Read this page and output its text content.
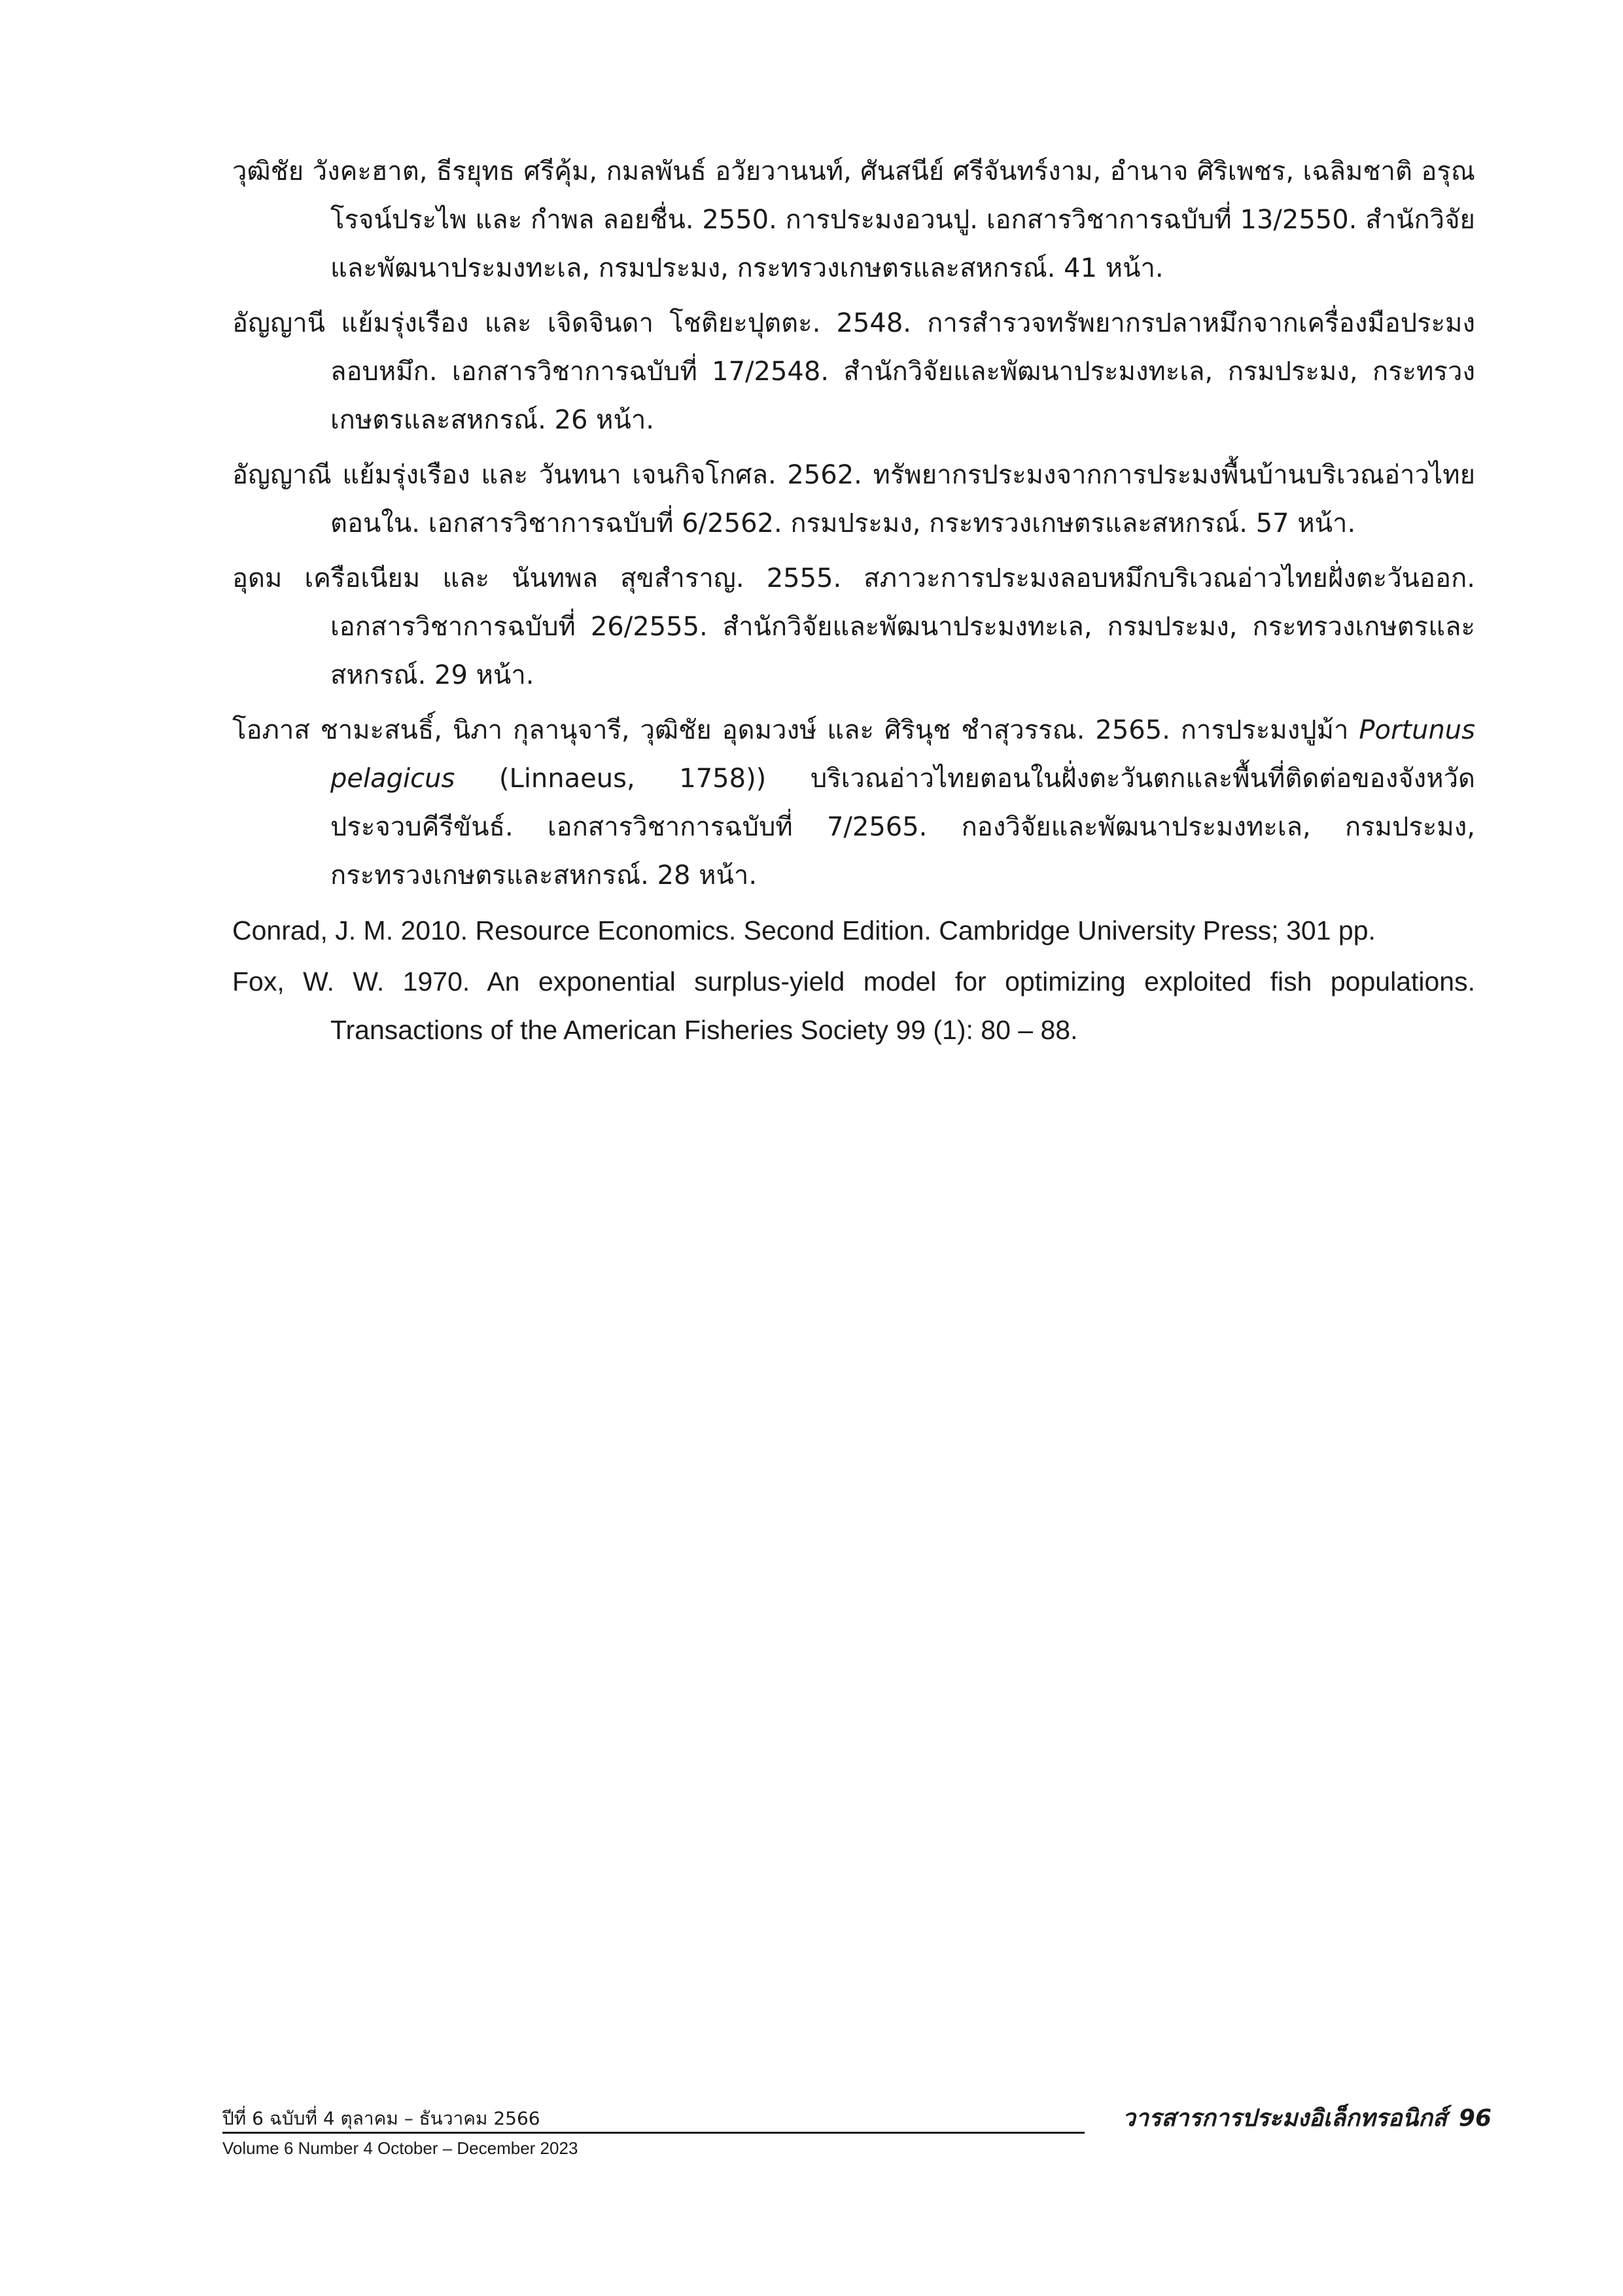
วุฒิชัย วังคะฮาต, ธีรยุทธ ศรีคุ้ม, กมลพันธ์ อวัยวานนท์, ศันสนีย์ ศรีจันทร์งาม, อำนาจ ศิริเพชร, เฉลิมชาติ อรุณโรจน์ประไพ และ กำพล ลอยชื่น. 2550. การประมงอวนปู. เอกสารวิชาการฉบับที่ 13/2550. สำนักวิจัยและพัฒนาประมงทะเล, กรมประมง, กระทรวงเกษตรและสหกรณ์. 41 หน้า.

อัญญานี แย้มรุ่งเรือง และ เจิดจินดา โชติยะปุตตะ. 2548. การสำรวจทรัพยากรปลาหมึกจากเครื่องมือประมงลอบหมึก. เอกสารวิชาการฉบับที่ 17/2548. สำนักวิจัยและพัฒนาประมงทะเล, กรมประมง, กระทรวงเกษตรและสหกรณ์. 26 หน้า.

อัญญาณี แย้มรุ่งเรือง และ วันทนา เจนกิจโกศล. 2562. ทรัพยากรประมงจากการประมงพื้นบ้านบริเวณอ่าวไทยตอนใน. เอกสารวิชาการฉบับที่ 6/2562. กรมประมง, กระทรวงเกษตรและสหกรณ์. 57 หน้า.

อุดม เครือเนียม และ นันทพล สุขสำราญ. 2555. สภาวะการประมงลอบหมึกบริเวณอ่าวไทยฝั่งตะวันออก. เอกสารวิชาการฉบับที่ 26/2555. สำนักวิจัยและพัฒนาประมงทะเล, กรมประมง, กระทรวงเกษตรและสหกรณ์. 29 หน้า.

โอภาส ชามะสนธิ์, นิภา กุลานุจารี, วุฒิชัย อุดมวงษ์ และ ศิรินุช ชำสุวรรณ. 2565. การประมงปูม้า Portunus pelagicus (Linnaeus, 1758)) บริเวณอ่าวไทยตอนในฝั่งตะวันตกและพื้นที่ติดต่อของจังหวัดประจวบคีรีขันธ์. เอกสารวิชาการฉบับที่ 7/2565. กองวิจัยและพัฒนาประมงทะเล, กรมประมง, กระทรวงเกษตรและสหกรณ์. 28 หน้า.

Conrad, J. M. 2010. Resource Economics. Second Edition. Cambridge University Press; 301 pp.

Fox, W. W. 1970. An exponential surplus-yield model for optimizing exploited fish populations. Transactions of the American Fisheries Society 99 (1): 80 – 88.

ปีที่ 6 ฉบับที่ 4 ตุลาคม – ธันวาคม 2566
Volume 6 Number 4 October – December 2023
วารสารการประมงอิเล็กทรอนิกส์ 96
